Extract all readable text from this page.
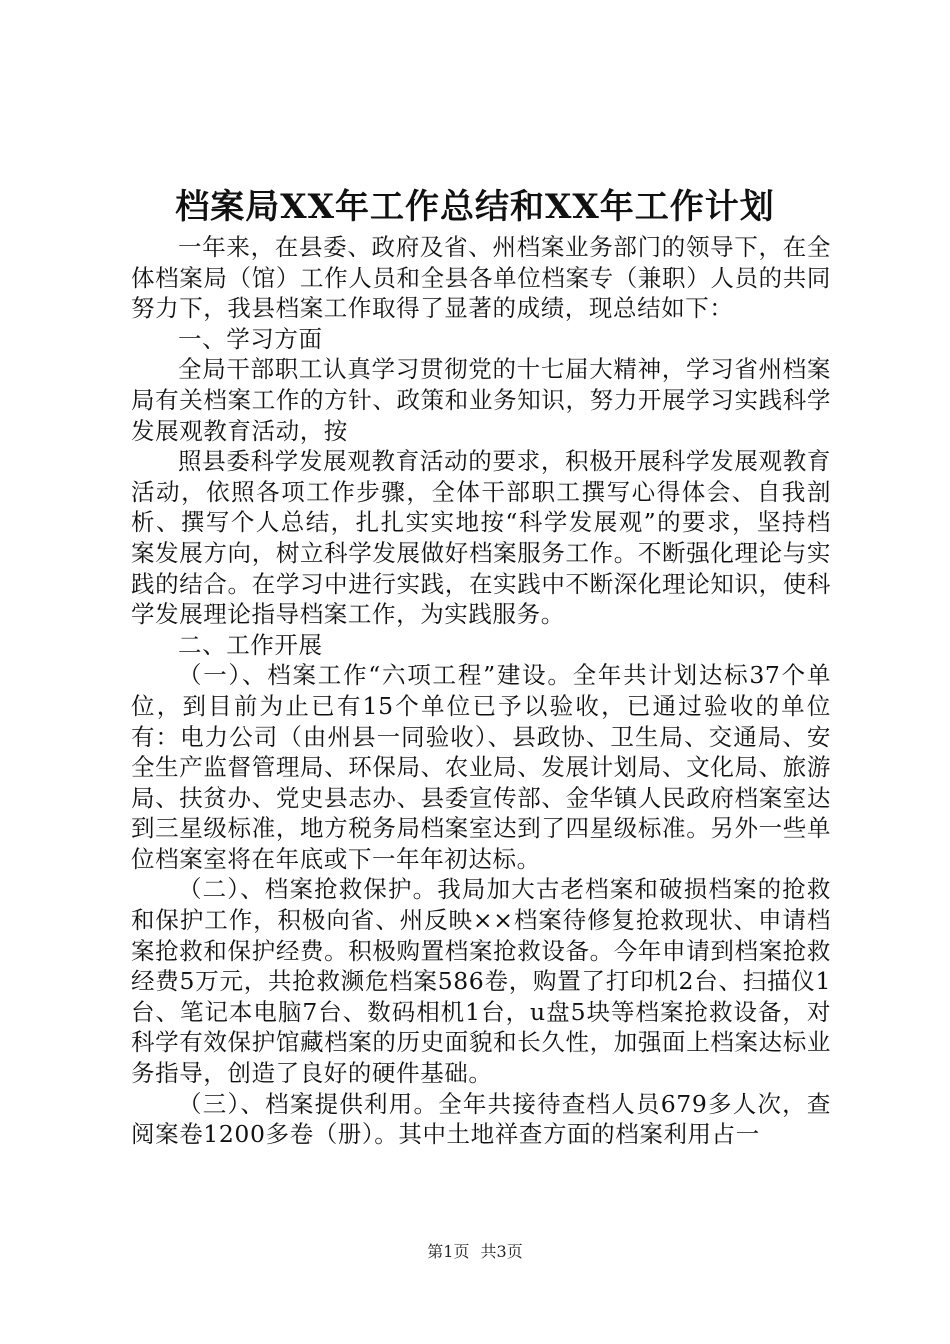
档案局XX年工作总结和XX年工作计划

一年来，在县委、政府及省、州档案业务部门的领导下，在全体档案局（馆）工作人员和全县各单位档案专（兼职）人员的共同努力下，我县档案工作取得了显著的成绩，现总结如下：

一、学习方面

全局干部职工认真学习贯彻党的十七届大精神，学习省州档案局有关档案工作的方针、政策和业务知识，努力开展学习实践科学发展观教育活动，按

照县委科学发展观教育活动的要求，积极开展科学发展观教育活动，依照各项工作步骤，全体干部职工撰写心得体会、自我剖析、撰写个人总结，扎扎实实地按“科学发展观”的要求，坚持档案发展方向，树立科学发展做好档案服务工作。不断强化理论与实践的结合。在学习中进行实践，在实践中不断深化理论知识，使科学发展理论指导档案工作，为实践服务。

二、工作开展

（一）、档案工作“六项工程”建设。全年共计划达标37个单位，到目前为止已有15个单位已予以验收，已通过验收的单位有：电力公司（由州县一同验收）、县政协、卫生局、交通局、安全生产监督管理局、环保局、农业局、发展计划局、文化局、旅游局、扶贫办、党史县志办、县委宣传部、金华镇人民政府档案室达到三星级标准，地方税务局档案室达到了四星级标准。另外一些单位档案室将在年底或下一年年初达标。

（二）、档案抢救保护。我局加大古老档案和破损档案的抢救和保护工作，积极向省、州反映××档案待修复抢救现状、申请档案抢救和保护经费。积极购置档案抢救设备。今年申请到档案抢救经费5万元，共抢救濒危档案586卷，购置了打印机2台、扫描仪1台、笔记本电脑7台、数码相机1台，u盘5块等档案抢救设备，对科学有效保护馆藏档案的历史面貌和长久性，加强面上档案达标业务指导，创造了良好的硬件基础。

（三）、档案提供利用。全年共接待查档人员679多人次，查阅案卷1200多卷（册）。其中土地祥查方面的档案利用占一

第1页 共3页
